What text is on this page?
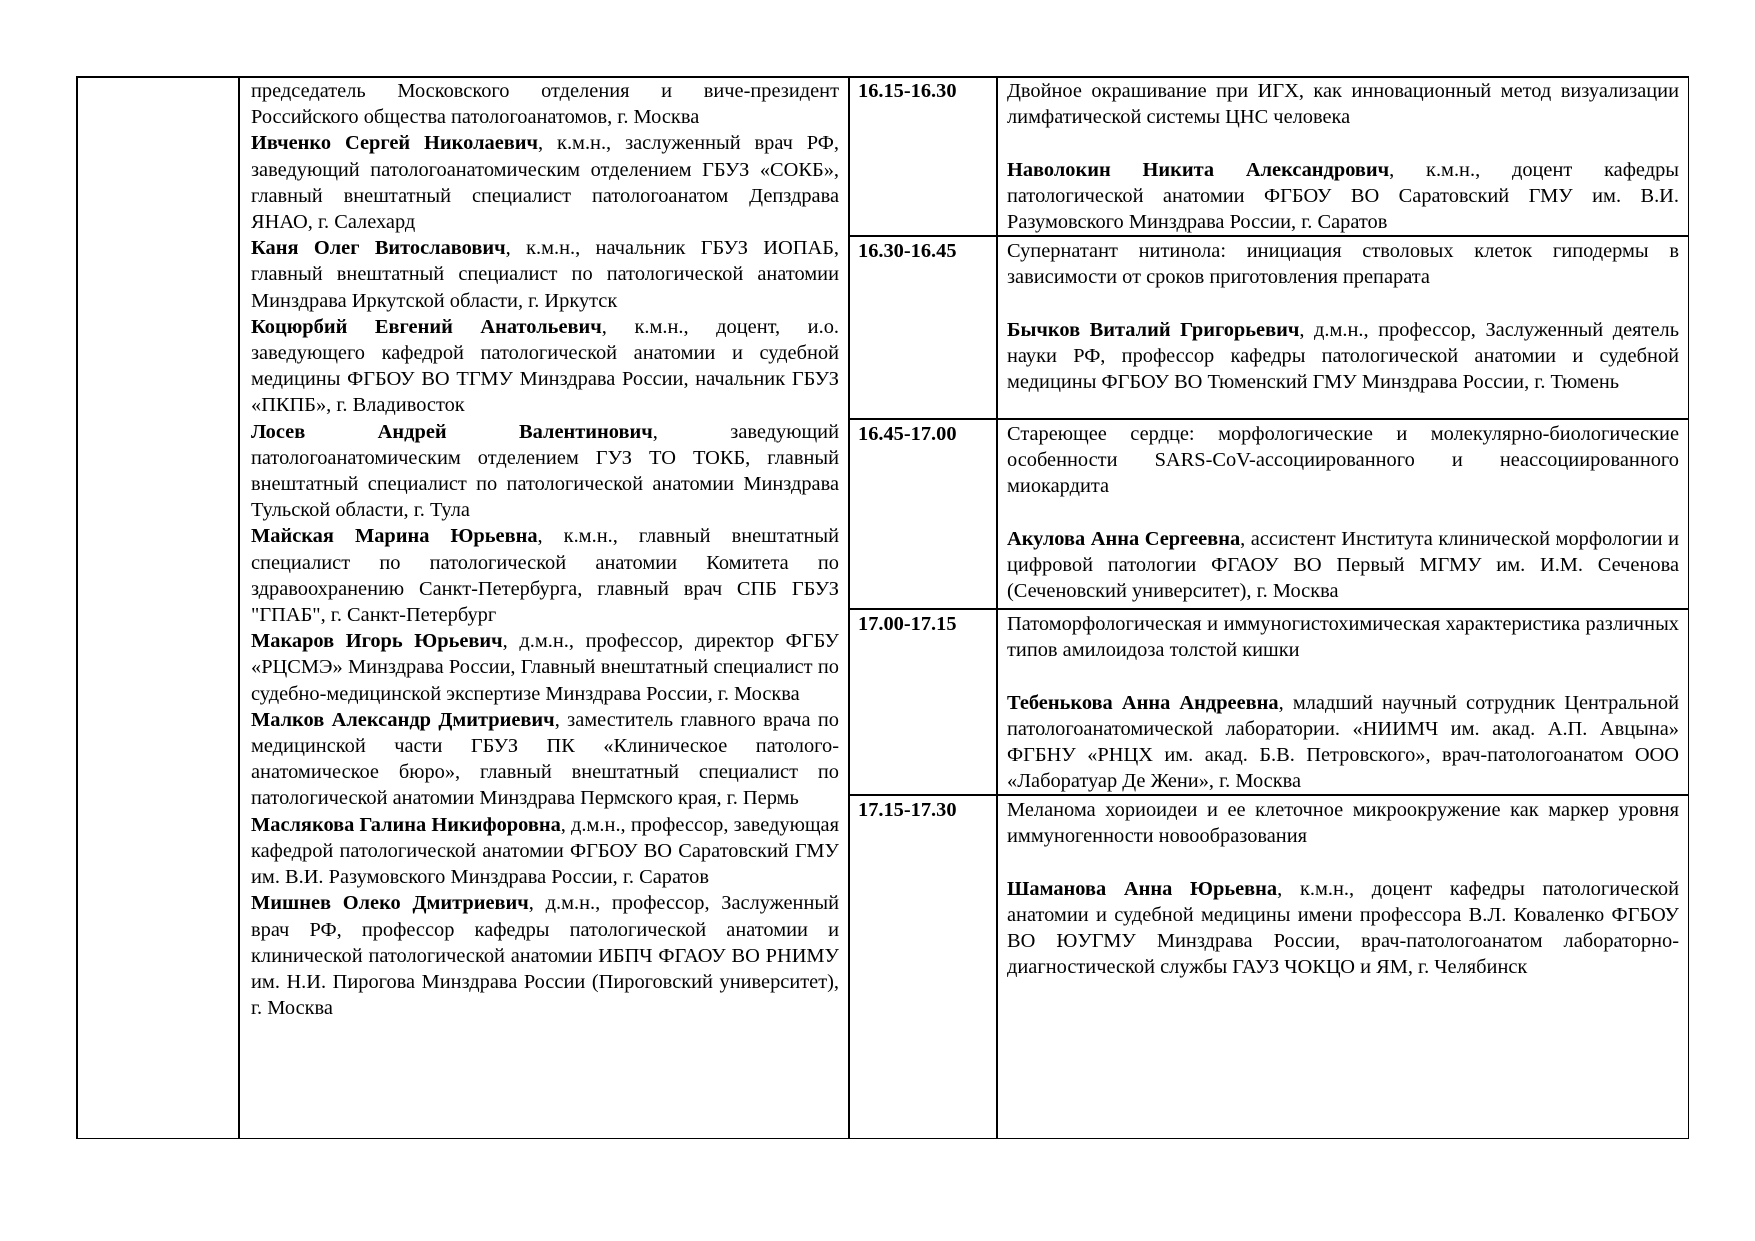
председатель Московского отделения и виче-президент Российского общества патологоанатомов, г. Москва

Ивченко Сергей Николаевич, к.м.н., заслуженный врач РФ, заведующий патологоанатомическим отделением ГБУЗ «СОКБ», главный внештатный специалист патологоанатом Депздрава ЯНАО, г. Салехард

Каня Олег Витославович, к.м.н., начальник ГБУЗ ИОПАБ, главный внештатный специалист по патологической анатомии Минздрава Иркутской области, г. Иркутск

Коцюрбий Евгений Анатольевич, к.м.н., доцент, и.о. заведующего кафедрой патологической анатомии и судебной медицины ФГБОУ ВО ТГМУ Минздрава России, начальник ГБУЗ «ПКПБ», г. Владивосток

Лосев Андрей Валентинович, заведующий патологоанатомическим отделением ГУЗ ТО ТОКБ, главный внештатный специалист по патологической анатомии Минздрава Тульской области, г. Тула

Майская Марина Юрьевна, к.м.н., главный внештатный специалист по патологической анатомии Комитета по здравоохранению Санкт-Петербурга, главный врач СПБ ГБУЗ "ГПАБ", г. Санкт-Петербург

Макаров Игорь Юрьевич, д.м.н., профессор, директор ФГБУ «РЦСМЭ» Минздрава России, Главный внештатный специалист по судебно-медицинской экспертизе Минздрава России, г. Москва

Малков Александр Дмитриевич, заместитель главного врача по медицинской части ГБУЗ ПК «Клиническое патолого-анатомическое бюро», главный внештатный специалист по патологической анатомии Минздрава Пермского края, г. Пермь

Маслякова Галина Никифоровна, д.м.н., профессор, заведующая кафедрой патологической анатомии ФГБОУ ВО Саратовский ГМУ им. В.И. Разумовского Минздрава России, г. Саратов

Мишнев Олеко Дмитриевич, д.м.н., профессор, Заслуженный врач РФ, профессор кафедры патологической анатомии и клинической патологической анатомии ИБПЧ ФГАОУ ВО РНИМУ им. Н.И. Пирогова Минздрава России (Пироговский университет), г. Москва

16.15-16.30
16.30-16.45
16.45-17.00
17.00-17.15
17.15-17.30

Двойное окрашивание при ИГХ, как инновационный метод визуализации лимфатической системы ЦНС человека

Наволокин Никита Александрович, к.м.н., доцент кафедры патологической анатомии ФГБОУ ВО Саратовский ГМУ им. В.И. Разумовского Минздрава России, г. Саратов

Супернатант нитинола: инициация стволовых клеток гиподермы в зависимости от сроков приготовления препарата

Бычков Виталий Григорьевич, д.м.н., профессор, Заслуженный деятель науки РФ, профессор кафедры патологической анатомии и судебной медицины ФГБОУ ВО Тюменский ГМУ Минздрава России, г. Тюмень

Стареющее сердце: морфологические и молекулярно-биологические особенности SARS-CoV-ассоциированного и неассоциированного миокардита

Акулова Анна Сергеевна, ассистент Института клинической морфологии и цифровой патологии ФГАОУ ВО Первый МГМУ им. И.М. Сеченова (Сеченовский университет), г. Москва

Патоморфологическая и иммуногистохимическая характеристика различных типов амилоидоза толстой кишки

Тебенькова Анна Андреевна, младший научный сотрудник Центральной патологоанатомической лаборатории. «НИИМЧ им. акад. А.П. Авцына» ФГБНУ «РНЦХ им. акад. Б.В. Петровского», врач-патологоанатом ООО «Лаборатуар Де Жени», г. Москва

Меланома хориоидеи и ее клеточное микроокружение как маркер уровня иммуногенности новообразования

Шаманова Анна Юрьевна, к.м.н., доцент кафедры патологической анатомии и судебной медицины имени профессора В.Л. Коваленко ФГБОУ ВО ЮУГМУ Минздрава России, врач-патологоанатом лабораторно-диагностической службы ГАУЗ ЧОКЦО и ЯМ, г. Челябинск
